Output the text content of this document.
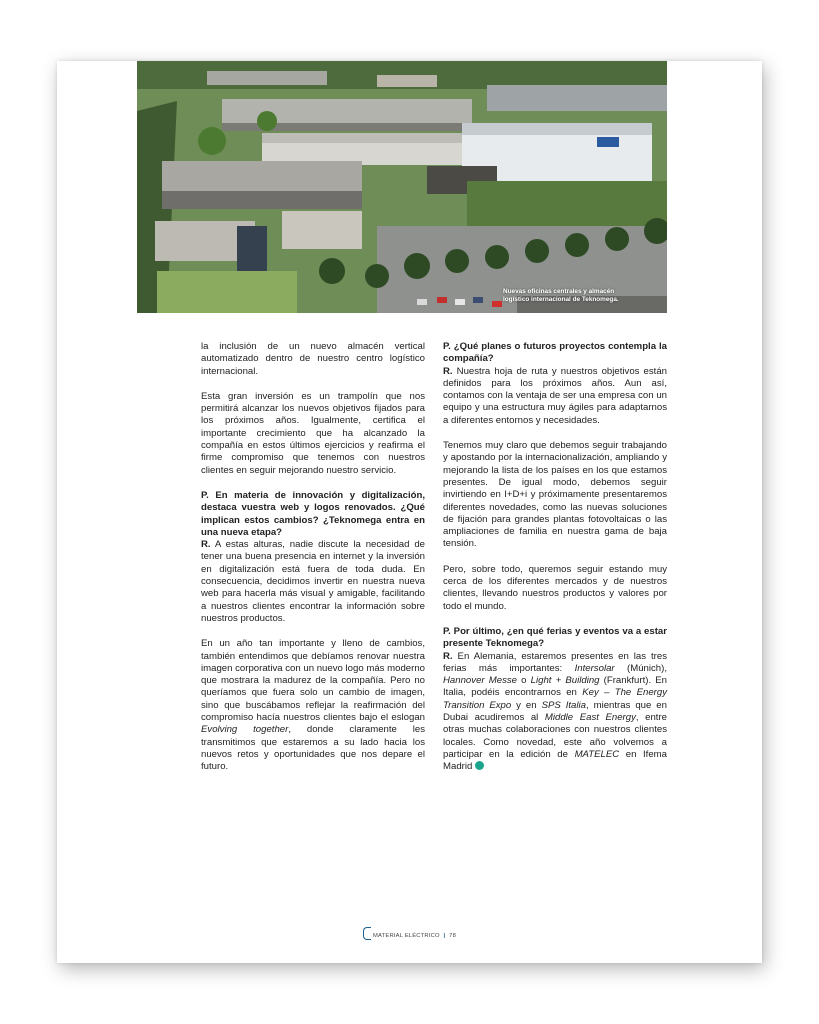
Nuevas oficinas centrales y almacén
logístico internacional de Teknomega.

la inclusión de un nuevo almacén vertical automatizado dentro de nuestro centro logístico internacional.

Esta gran inversión es un trampolín que nos permitirá alcanzar los nuevos objetivos fijados para los próximos años. Igualmente, certifica el importante crecimiento que ha alcanzado la compañía en estos últimos ejercicios y reafirma el firme compromiso que tenemos con nuestros clientes en seguir mejorando nuestro servicio.

P. En materia de innovación y digitalización, destaca vuestra web y logos renovados. ¿Qué implican estos cambios? ¿Teknomega entra en una nueva etapa?

R. A estas alturas, nadie discute la necesidad de tener una buena presencia en internet y la inversión en digitalización está fuera de toda duda. En consecuencia, decidimos invertir en nuestra nueva web para hacerla más visual y amigable, facilitando a nuestros clientes encontrar la información sobre nuestros productos.

En un año tan importante y lleno de cambios, también entendimos que debíamos renovar nuestra imagen corporativa con un nuevo logo más moderno que mostrara la madurez de la compañía. Pero no queríamos que fuera solo un cambio de imagen, sino que buscábamos reflejar la reafirmación del compromiso hacía nuestros clientes bajo el eslogan Evolving together, donde claramente les transmitimos que estaremos a su lado hacia los nuevos retos y oportunidades que nos depare el futuro.

P. ¿Qué planes o futuros proyectos contempla la compañía?

R. Nuestra hoja de ruta y nuestros objetivos están definidos para los próximos años. Aun así, contamos con la ventaja de ser una empresa con un equipo y una estructura muy ágiles para adaptarnos a diferentes entornos y necesidades.

Tenemos muy claro que debemos seguir trabajando y apostando por la internacionalización, ampliando y mejorando la lista de los países en los que estamos presentes. De igual modo, debemos seguir invirtiendo en I+D+i y próximamente presentaremos diferentes novedades, como las nuevas soluciones de fijación para grandes plantas fotovoltaicas o las ampliaciones de familia en nuestra gama de baja tensión.

Pero, sobre todo, queremos seguir estando muy cerca de los diferentes mercados y de nuestros clientes, llevando nuestros productos y valores por todo el mundo.

P. Por último, ¿en qué ferias y eventos va a estar presente Teknomega?

R. En Alemania, estaremos presentes en las tres ferias más importantes: Intersolar (Múnich), Hannover Messe o Light + Building (Frankfurt). En Italia, podéis encontrarnos en Key – The Energy Transition Expo y en SPS Italia, mientras que en Dubai acudiremos al Middle East Energy, entre otras muchas colaboraciones con nuestros clientes locales. Como novedad, este año volvemos a participar en la edición de MATELEC en Ifema Madrid

MATERIAL ELÉCTRICO | 78
